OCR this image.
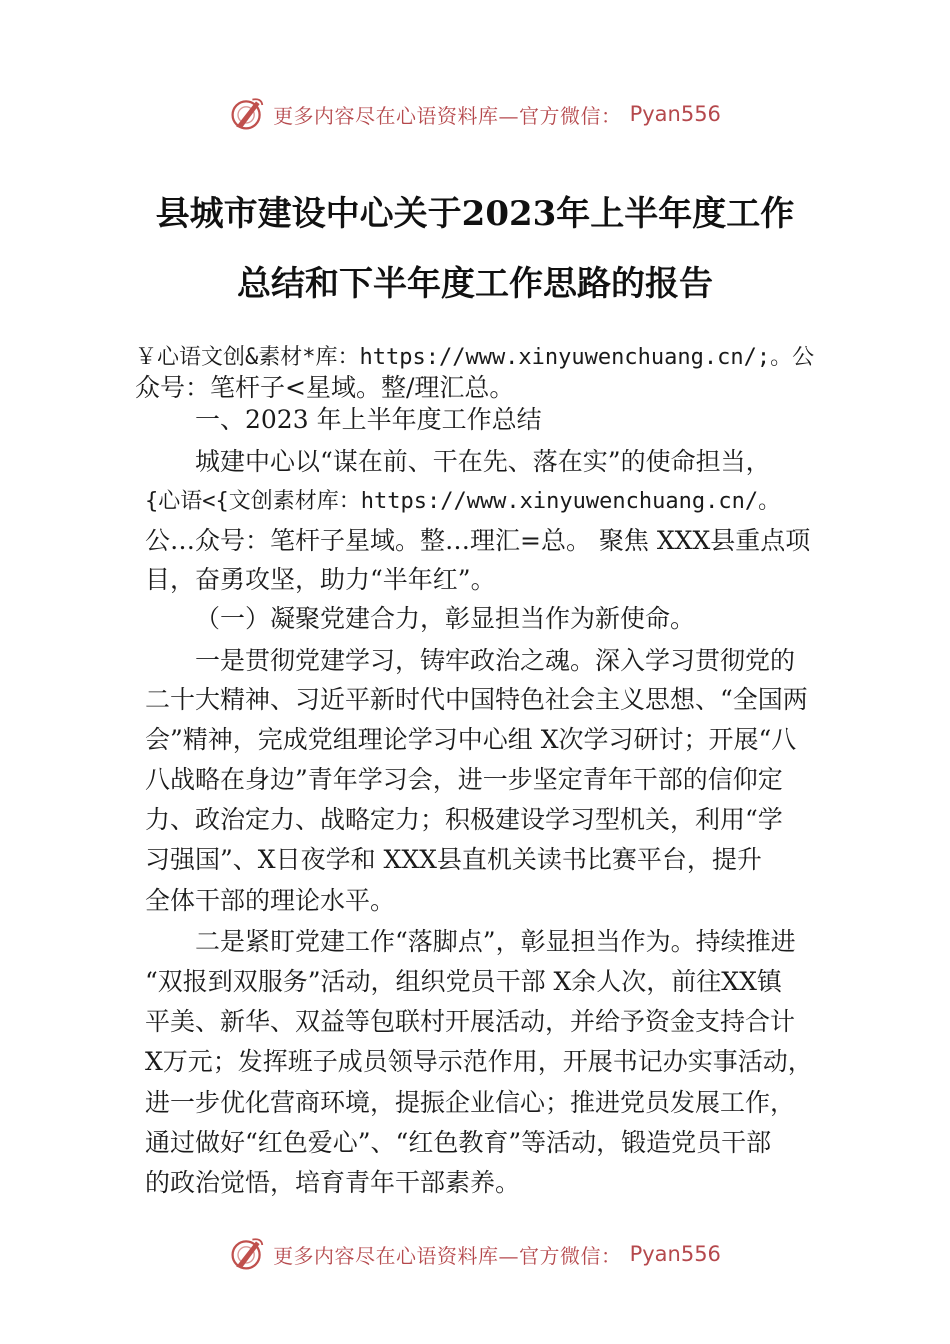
更多内容尽在心语资料库—官方微信： Pyan556
县城市建设中心关于2023年上半年度工作
总结和下半年度工作思路的报告
￥心语文创&素材*库：https://www.xinyuwenchuang.cn/;。公
众号：笔杆子<星域。整/理汇总。
一、2023 年上半年度工作总结
城建中心以“谋在前、干在先、落在实”的使命担当，
{心语<{文创素材库：https://www.xinyuwenchuang.cn/。
公…众号：笔杆子星域。整…理汇=总。 聚焦 XXX县重点项
目，奋勇攻坚，助力“半年红”。
（一）凝聚党建合力，彰显担当作为新使命。
一是贯彻党建学习，铸牢政治之魂。深入学习贯彻党的
二十大精神、习近平新时代中国特色社会主义思想、“全国两
会”精神，完成党组理论学习中心组 X次学习研讨；开展“八
八战略在身边”青年学习会，进一步坚定青年干部的信仰定
力、政治定力、战略定力；积极建设学习型机关，利用“学
习强国”、X日夜学和 XXX县直机关读书比赛平台，提升
全体干部的理论水平。
二是紧盯党建工作“落脚点”，彰显担当作为。持续推进
“双报到双服务”活动，组织党员干部 X余人次，前往XX镇
平美、新华、双益等包联村开展活动，并给予资金支持合计
X万元；发挥班子成员领导示范作用，开展书记办实事活动，
进一步优化营商环境，提振企业信心；推进党员发展工作，
通过做好“红色爱心”、“红色教育”等活动，锻造党员干部
的政治觉悟，培育青年干部素养。
更多内容尽在心语资料库—官方微信： Pyan556
